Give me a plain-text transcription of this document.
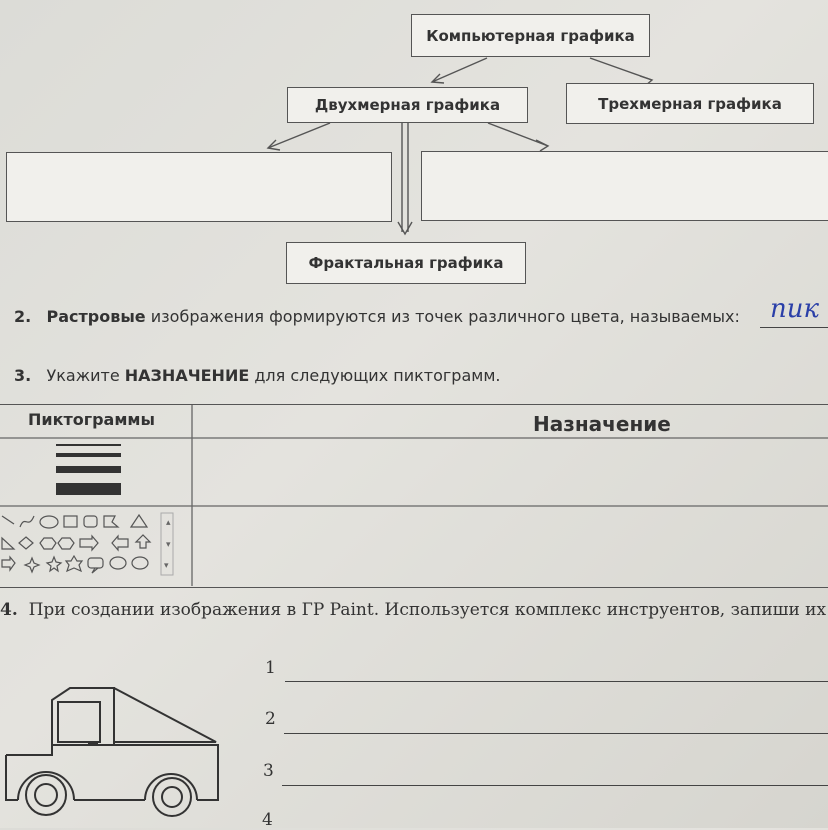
Компьютерная графика
Двухмерная графика	Трехмерная графика
Фрактальная графика
2. Растровые изображения формируются из точек различного цвета, называемых: пик
3. Укажите НАЗНАЧЕНИЕ для следующих пиктограмм.
Пиктограммы	Назначение
▴
▾
▾
4. При создании изображения в ГР Paint. Используется комплекс инструентов, запиши их
1
2
3
4
